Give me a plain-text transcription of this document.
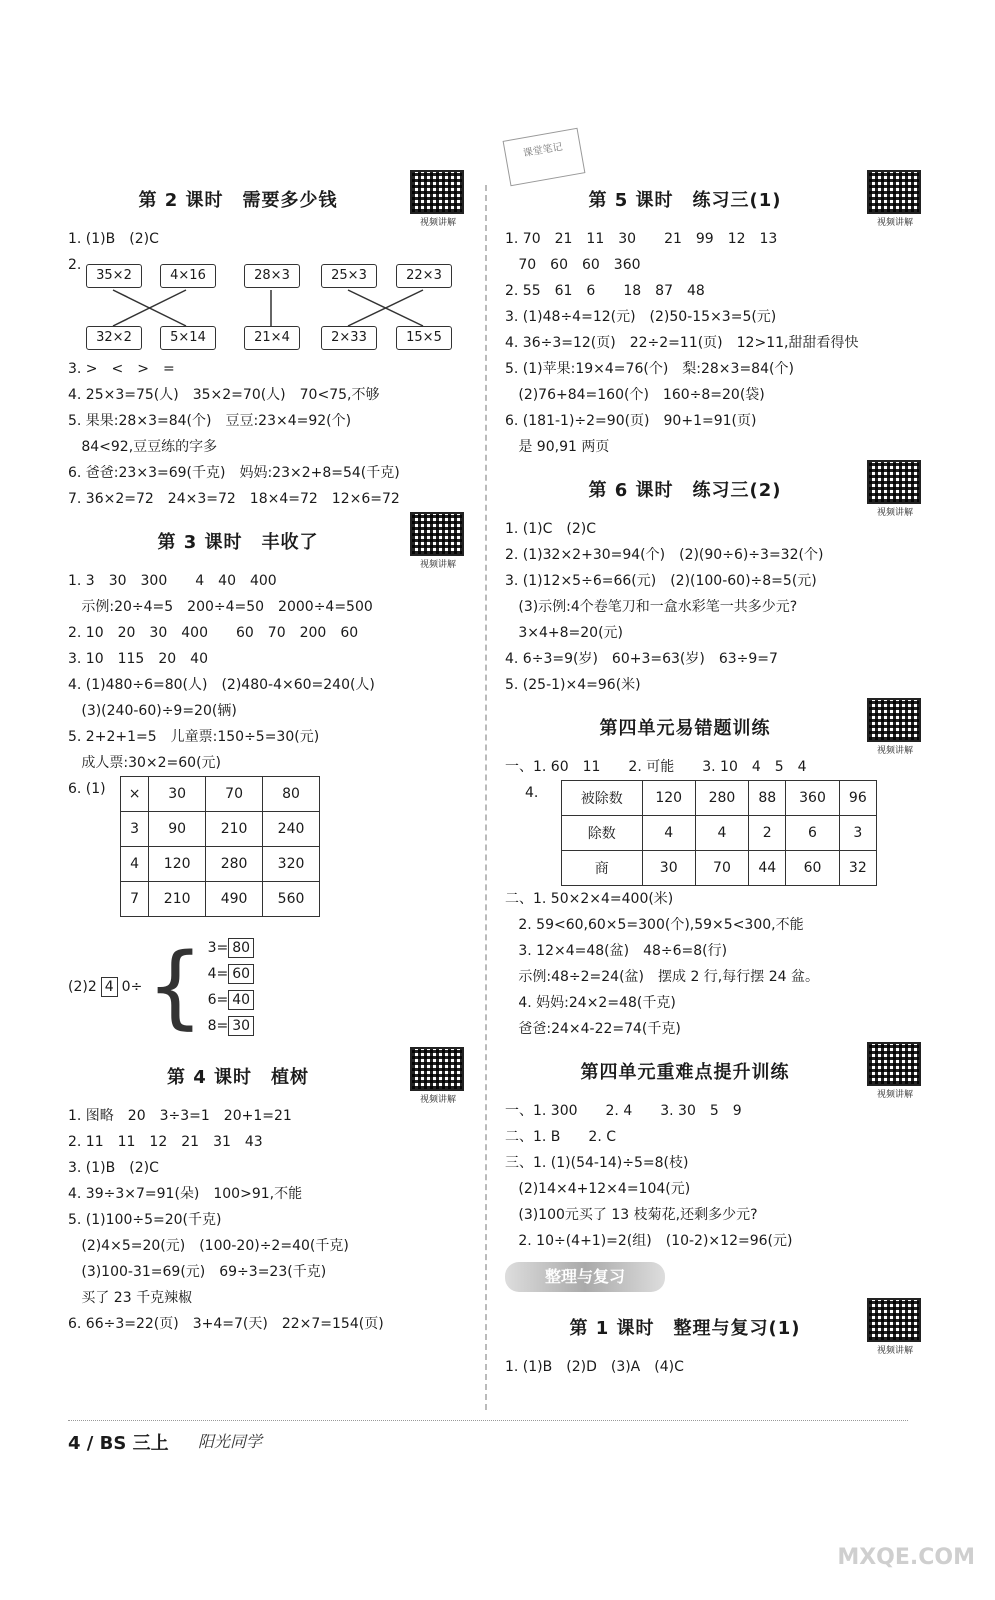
课堂笔记
第 2 课时　需要多少钱
视频讲解
1. (1)B　(2)C
2.
35×2	4×16	28×3	25×3	22×3
32×2	5×14	21×4	2×33	15×5
3. >　<　>　=
4. 25×3=75(人)　35×2=70(人)　70<75,不够
5. 果果:28×3=84(个)　豆豆:23×4=92(个)
84<92,豆豆练的字多
6. 爸爸:23×3=69(千克)　妈妈:23×2+8=54(千克)
7. 36×2=72　24×3=72　18×4=72　12×6=72
第 3 课时　丰收了
视频讲解
1. 3　30　300　　4　40　400
示例:20÷4=5　200÷4=50　2000÷4=500
2. 10　20　30　400　　60　70　200　60
3. 10　115　20　40
4. (1)480÷6=80(人)　(2)480-4×60=240(人)
(3)(240-60)÷9=20(辆)
5. 2+2+1=5　儿童票:150÷5=30(元)
成人票:30×2=60(元)
6. (1)	×	30	70	80
3	90	210	240
4	120	280	320
7	210	490	560
(2)2 4 0÷ { 3= 80
4= 60
6= 40
8= 30
第 4 课时　植树
视频讲解
1. 图略　20　3÷3=1　20+1=21
2. 11　11　12　21　31　43
3. (1)B　(2)C
4. 39÷3×7=91(朵)　100>91,不能
5. (1)100÷5=20(千克)
(2)4×5=20(元)　(100-20)÷2=40(千克)
(3)100-31=69(元)　69÷3=23(千克)
买了 23 千克辣椒
6. 66÷3=22(页)　3+4=7(天)　22×7=154(页)
第 5 课时　练习三(1)
视频讲解
1. 70　21　11　30　　21　99　12　13
70　60　60　360
2. 55　61　6　　18　87　48
3. (1)48÷4=12(元)　(2)50-15×3=5(元)
4. 36÷3=12(页)　22÷2=11(页)　12>11,甜甜看得快
5. (1)苹果:19×4=76(个)　梨:28×3=84(个)
(2)76+84=160(个)　160÷8=20(袋)
6. (181-1)÷2=90(页)　90+1=91(页)
是 90,91 两页
第 6 课时　练习三(2)
视频讲解
1. (1)C　(2)C
2. (1)32×2+30=94(个)　(2)(90÷6)÷3=32(个)
3. (1)12×5÷6=66(元)　(2)(100-60)÷8=5(元)
(3)示例:4个卷笔刀和一盒水彩笔一共多少元?
3×4+8=20(元)
4. 6÷3=9(岁)　60+3=63(岁)　63÷9=7
5. (25-1)×4=96(米)
第四单元易错题训练
视频讲解
一、1. 60　11　　2. 可能　　3. 10　4　5　4
4.	被除数	120	280	88	360	96
除数	4	4	2	6	3
商	30	70	44	60	32
二、1. 50×2×4=400(米)
2. 59<60,60×5=300(个),59×5<300,不能
3. 12×4=48(盆)　48÷6=8(行)
示例:48÷2=24(盆)　摆成 2 行,每行摆 24 盆。
4. 妈妈:24×2=48(千克)
爸爸:24×4-22=74(千克)
第四单元重难点提升训练
视频讲解
一、1. 300　　2. 4　　3. 30　5　9
二、1. B　　2. C
三、1. (1)(54-14)÷5=8(枝)
(2)14×4+12×4=104(元)
(3)100元买了 13 枝菊花,还剩多少元?
2. 10÷(4+1)=2(组)　(10-2)×12=96(元)
整理与复习
第 1 课时　整理与复习(1)
视频讲解
1. (1)B　(2)D　(3)A　(4)C
4 / BS 三上 阳光同学
MXQE.COM
